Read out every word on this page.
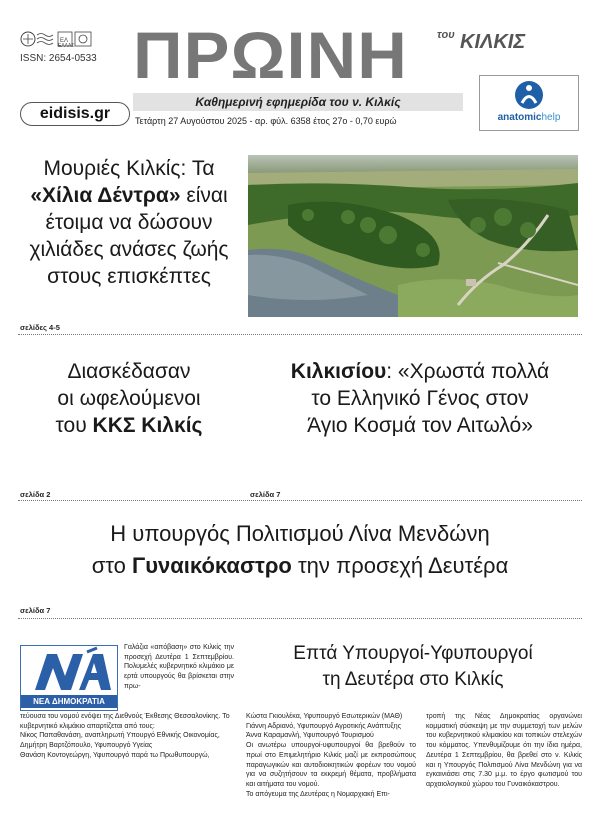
ΠΡΩΙΝΗ	του ΚΙΛΚΙΣ
Καθημερινή εφημερίδα του ν. Κιλκίς
Τετάρτη 27 Αυγούστου 2025 - αρ. φύλ. 6358 έτος 27ο - 0,70 ευρώ
ΕΛ
ΕΛΛΑΣ
ISSN: 2654-0533
eidisis.gr	anatomichelp
Μουριές Κιλκίς: Τα
«Χίλια Δέντρα» είναι
έτοιμα να δώσουν
χιλιάδες ανάσες ζωής
στους επισκέπτες
σελίδες 4-5
Διασκέδασαν
οι ωφελούμενοι
του ΚΚΣ Κιλκίς
σελίδα 2
Κιλκισίου: «Χρωστά πολλά
το Ελληνικό Γένος στον
Άγιο Κοσμά τον Αιτωλό»
σελίδα 7
Η υπουργός Πολιτισμού Λίνα Μενδώνη
στο Γυναικόκαστρο την προσεχή Δευτέρα
σελίδα 7
ΝΕΑ ΔΗΜΟΚΡΑΤΙΑ
Γαλάζια «απόβαση» στο Κιλκίς την προσεχή Δευτέρα 1 Σεπτεμβρίου. Πολυμελές κυβερνητικό κλιμάκιο με ερτά υπουργούς θα βρίσκεται στην πρω-

τεύουσα του νομού ενόψει της Διεθνούς Έκθεσης Θεσσαλονίκης. Το κυβερνητικό κλιμάκιο απαρτίζεται από τους:

Νίκος Παπαθανάση, αναπληρωτή Υπουργό Εθνικής Οικονομίας,

Δημήτρη Βαρτζόπουλο, Υφυπουργό Υγείας

Θανάση Κοντογεώργη, Υφυπουργό παρά τω Πρωθυπουργώ,

Επτά Υπουργοί-Υφυπουργοί
τη Δευτέρα στο Κιλκίς

Κώστα Γκιουλέκα, Υφυπουργό Εσωτερικών (ΜΑΘ)

Γιάννη Αδριανό, Υφυπουργό Αγροτικής Ανάπτυξης

Άννα Καραμανλή, Υφυπουργό Τουρισμού

Οι ανωτέρω υπουργοί-υφυπουργοί θα βρεθούν το πρωί στο Επιμελητήριο Κιλκίς μαζί με εκπροσώπους παραγωγικών και αυτοδιοικητικών φορέων του νομού για να συζητήσουν τα εκκρεμή θέματα, προβλήματα και αιτήματα του νομού.

Το απόγευμα της Δευτέρας η Νομαρχιακή Επι-

τροπή της Νέας Δημοκρατίας οργανώνει κομματική σύσκεψη με την συμμετοχή των μελών του κυβερνητικού κλιμακίου και τοπικών στελεχών του κόμματος. Υπενθυμίζουμε ότι την ίδια ημέρα, Δευτέρα 1 Σεπτεμβρίου, θα βρεθεί στο ν. Κιλκίς και η Υπουργός Πολιτισμού Λίνα Μενδώνη για να εγκαινιάσει στις 7.30 μ.μ. το έργο φωτισμού του αρχαιολογικού χώρου του Γυναικόκαστρου.
